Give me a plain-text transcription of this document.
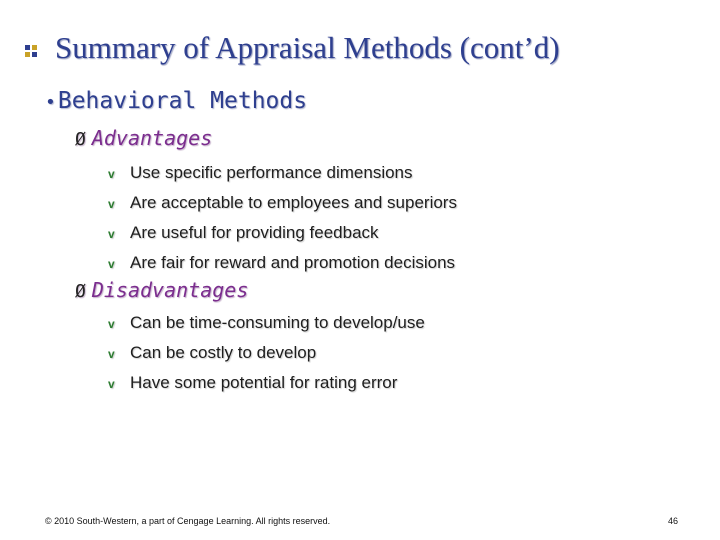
Summary of Appraisal Methods (cont’d)
•Behavioral Methods
Ø Advantages
v Use specific performance dimensions
v Are acceptable to employees and superiors
v Are useful for providing feedback
v Are fair for reward and promotion decisions
Ø Disadvantages
v Can be time-consuming to develop/use
v Can be costly to develop
v Have some potential for rating error
© 2010 South-Western, a part of Cengage Learning. All rights reserved.	46
